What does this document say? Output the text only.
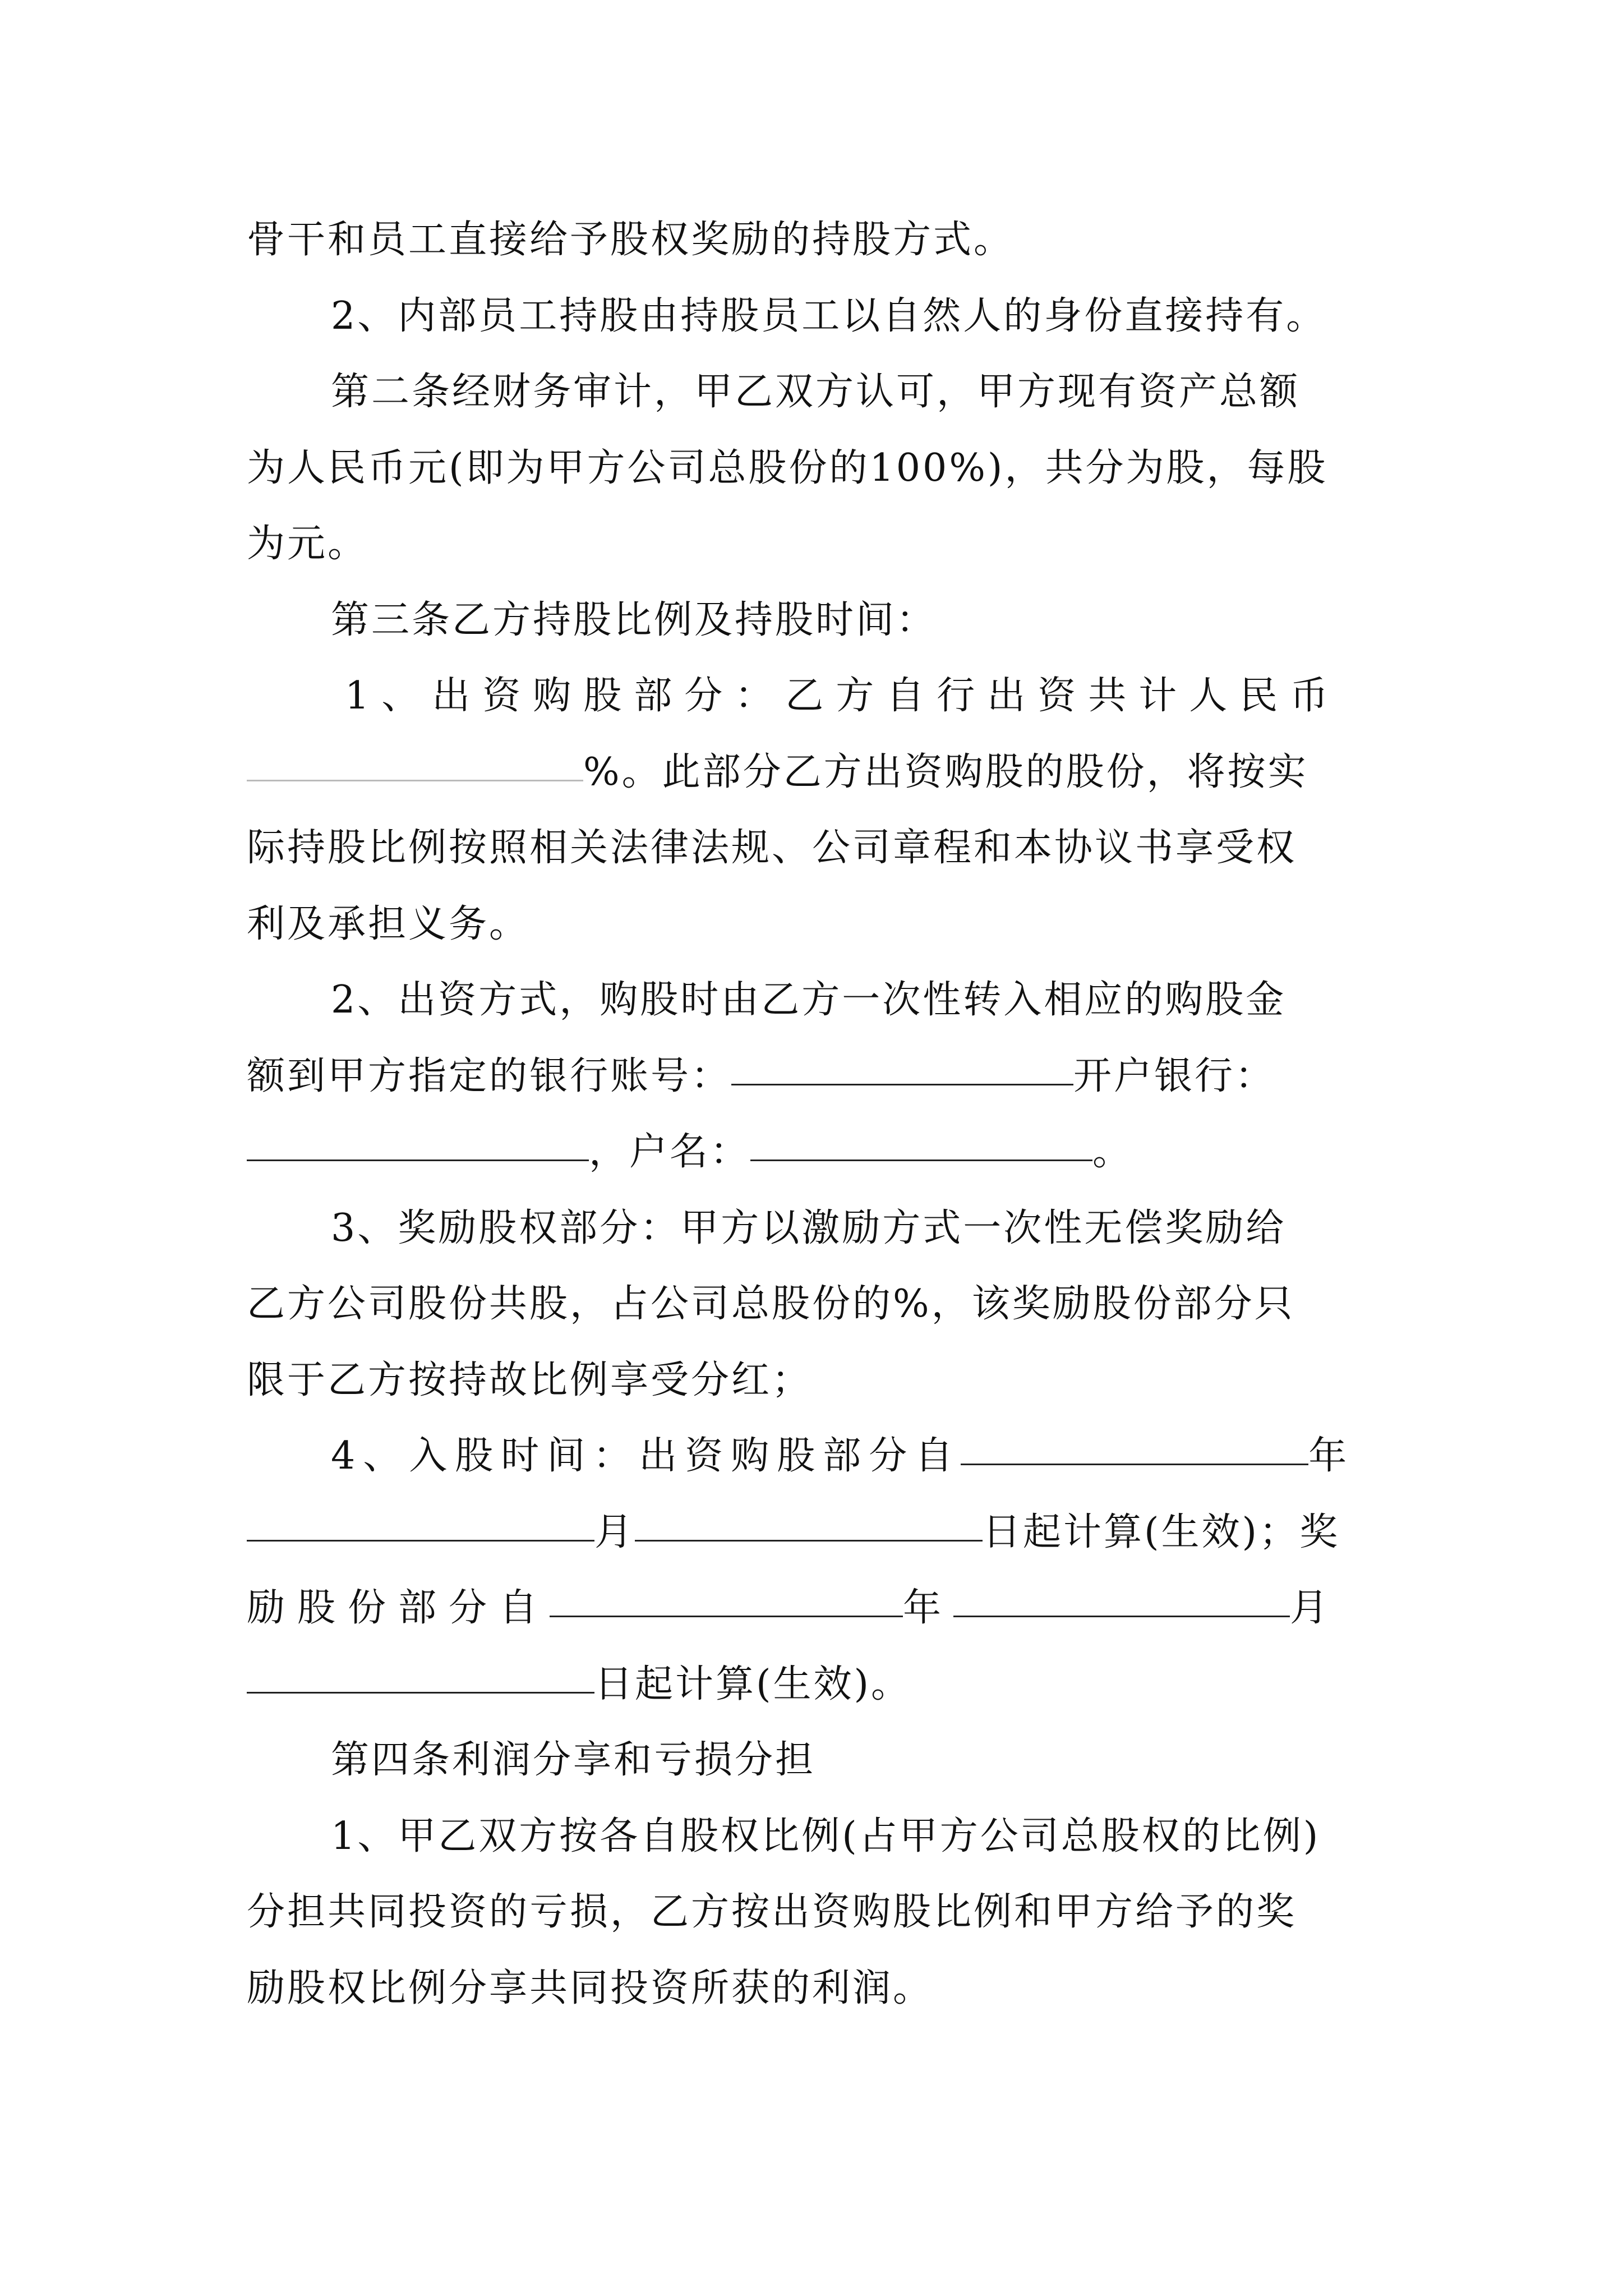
骨干和员工直接给予股权奖励的持股方式。
2、内部员工持股由持股员工以自然人的身份直接持有。
第二条经财务审计，甲乙双方认可，甲方现有资产总额
为人民币元(即为甲方公司总股份的100%)，共分为股，每股
为元。
第三条乙方持股比例及持股时间：
1、出资购股部分：乙方自行出资共计人民币
%。此部分乙方出资购股的股份，将按实
际持股比例按照相关法律法规、公司章程和本协议书享受权
利及承担义务。
2、出资方式，购股时由乙方一次性转入相应的购股金
额到甲方指定的银行账号：	开户银行：
，户名：	。
3、奖励股权部分：甲方以激励方式一次性无偿奖励给
乙方公司股份共股，占公司总股份的%，该奖励股份部分只
限于乙方按持故比例享受分红；
4、入股时间：出资购股部分自	年
月	日起计算(生效)；奖
励股份部分自	年	月
日起计算(生效)。
第四条利润分享和亏损分担
1、甲乙双方按各自股权比例(占甲方公司总股权的比例)
分担共同投资的亏损，乙方按出资购股比例和甲方给予的奖
励股权比例分享共同投资所获的利润。
